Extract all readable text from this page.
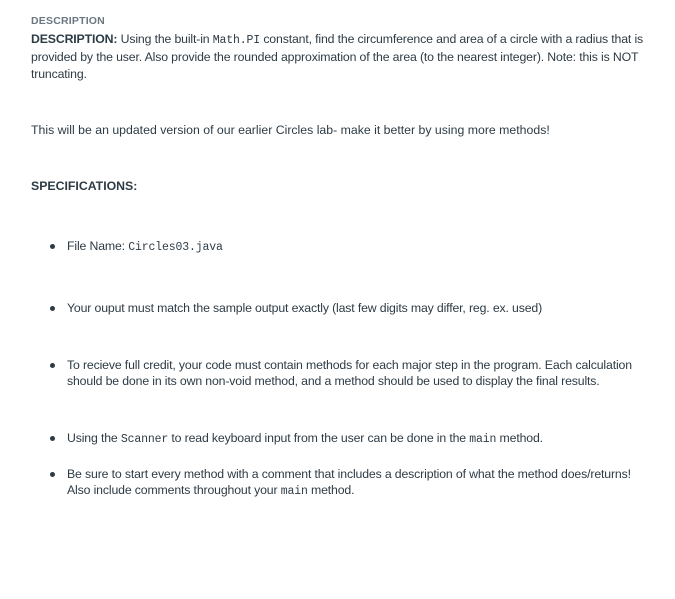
DESCRIPTION

DESCRIPTION: Using the built-in Math.PI constant, find the circumference and area of a circle with a radius that is provided by the user. Also provide the rounded approximation of the area (to the nearest integer). Note: this is NOT truncating.

This will be an updated version of our earlier Circles lab- make it better by using more methods!

SPECIFICATIONS:

File Name: Circles03.java
Your ouput must match the sample output exactly (last few digits may differ, reg. ex. used)
To recieve full credit, your code must contain methods for each major step in the program. Each calculation should be done in its own non-void method, and a method should be used to display the final results.
Using the Scanner to read keyboard input from the user can be done in the main method.
Be sure to start every method with a comment that includes a description of what the method does/returns! Also include comments throughout your main method.
